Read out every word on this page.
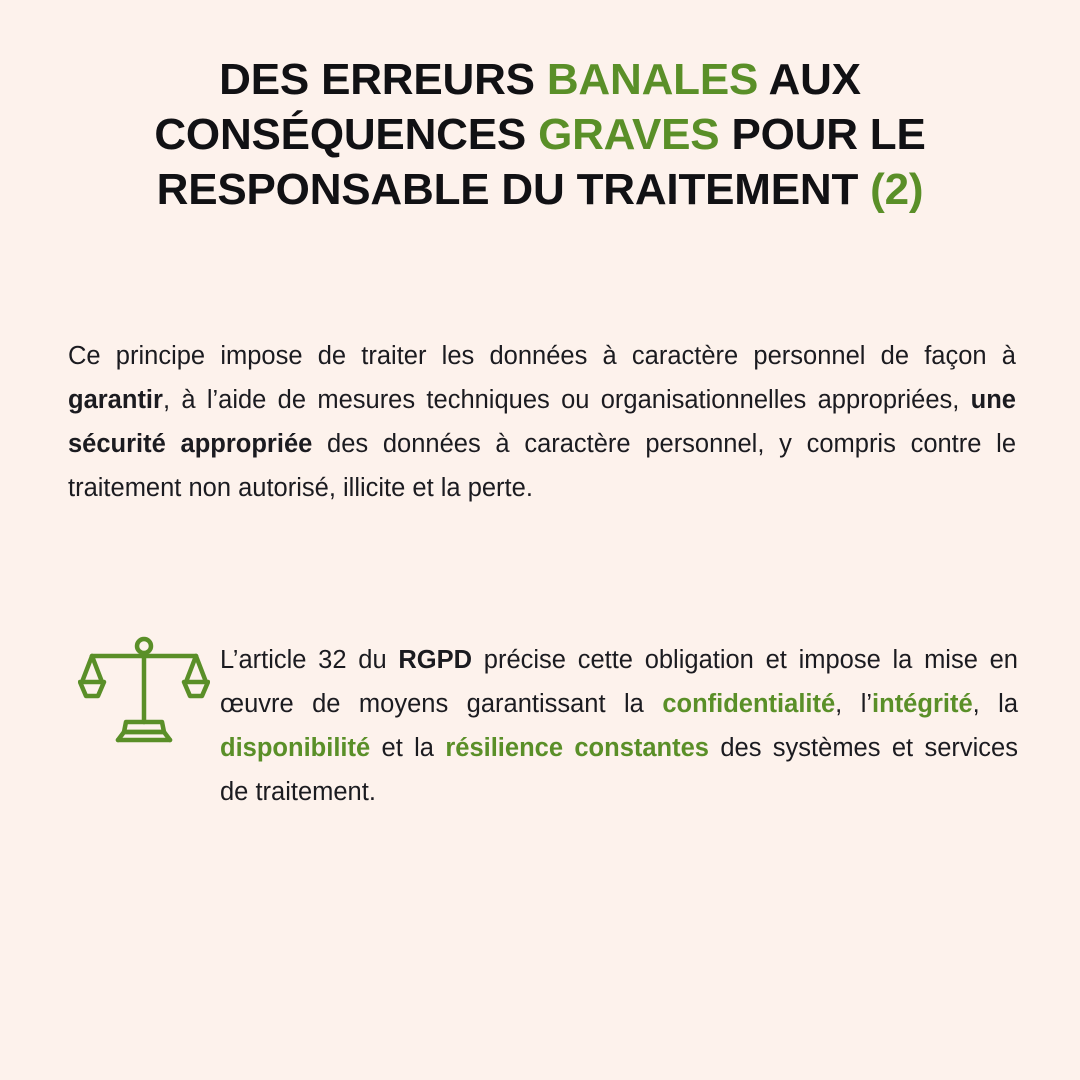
DES ERREURS BANALES AUX
CONSÉQUENCES GRAVES POUR LE
RESPONSABLE DU TRAITEMENT (2)

Ce principe impose de traiter les données à caractère personnel de façon à garantir, à l’aide de mesures techniques ou organisationnelles appropriées, une sécurité appropriée des données à caractère personnel, y compris contre le traitement non autorisé, illicite et la perte.

L’article 32 du RGPD précise cette obligation et impose la mise en œuvre de moyens garantissant la confidentialité, l’intégrité, la disponibilité et la résilience constantes des systèmes et services de traitement.
